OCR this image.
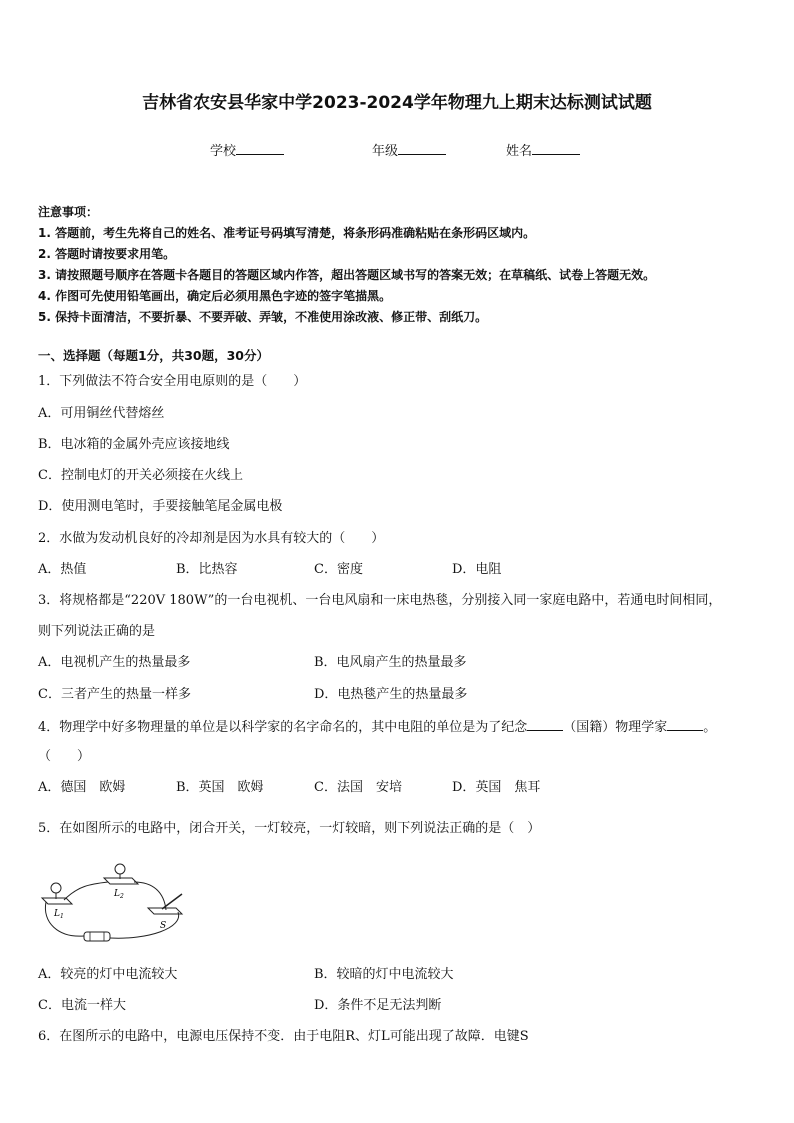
吉林省农安县华家中学2023-2024学年物理九上期末达标测试试题
学校	年级	姓名
注意事项：
1. 答题前，考生先将自己的姓名、准考证号码填写清楚，将条形码准确粘贴在条形码区域内。
2. 答题时请按要求用笔。
3. 请按照题号顺序在答题卡各题目的答题区域内作答，超出答题区域书写的答案无效；在草稿纸、试卷上答题无效。
4. 作图可先使用铅笔画出，确定后必须用黑色字迹的签字笔描黑。
5. 保持卡面清洁，不要折暴、不要弄破、弄皱，不准使用涂改液、修正带、刮纸刀。
一、选择题（每题1分，共30题，30分）
1．下列做法不符合安全用电原则的是（　　）
A．可用铜丝代替熔丝
B．电冰箱的金属外壳应该接地线
C．控制电灯的开关必须接在火线上
D．使用测电笔时，手要接触笔尾金属电极
2．水做为发动机良好的冷却剂是因为水具有较大的（　　）
A．热值	B．比热容	C．密度	D．电阻
3．将规格都是“220V 180W”的一台电视机、一台电风扇和一床电热毯，分别接入同一家庭电路中，若通电时间相同，
则下列说法正确的是
A．电视机产生的热量最多	B．电风扇产生的热量最多
C．三者产生的热量一样多	D．电热毯产生的热量最多
4．物理学中好多物理量的单位是以科学家的名字命名的，其中电阻的单位是为了纪念	（国籍）物理学家	。
（　　）
A．德国　欧姆	B．英国　欧姆	C．法国　安培	D．英国　焦耳
5．在如图所示的电路中，闭合开关，一灯较亮，一灯较暗，则下列说法正确的是（　）
$L_1$
$L_2$
S
A．较亮的灯中电流较大	B．较暗的灯中电流较大
C．电流一样大	D．条件不足无法判断
6．在图所示的电路中，电源电压保持不变．由于电阻R、灯L可能出现了故障．电键S
